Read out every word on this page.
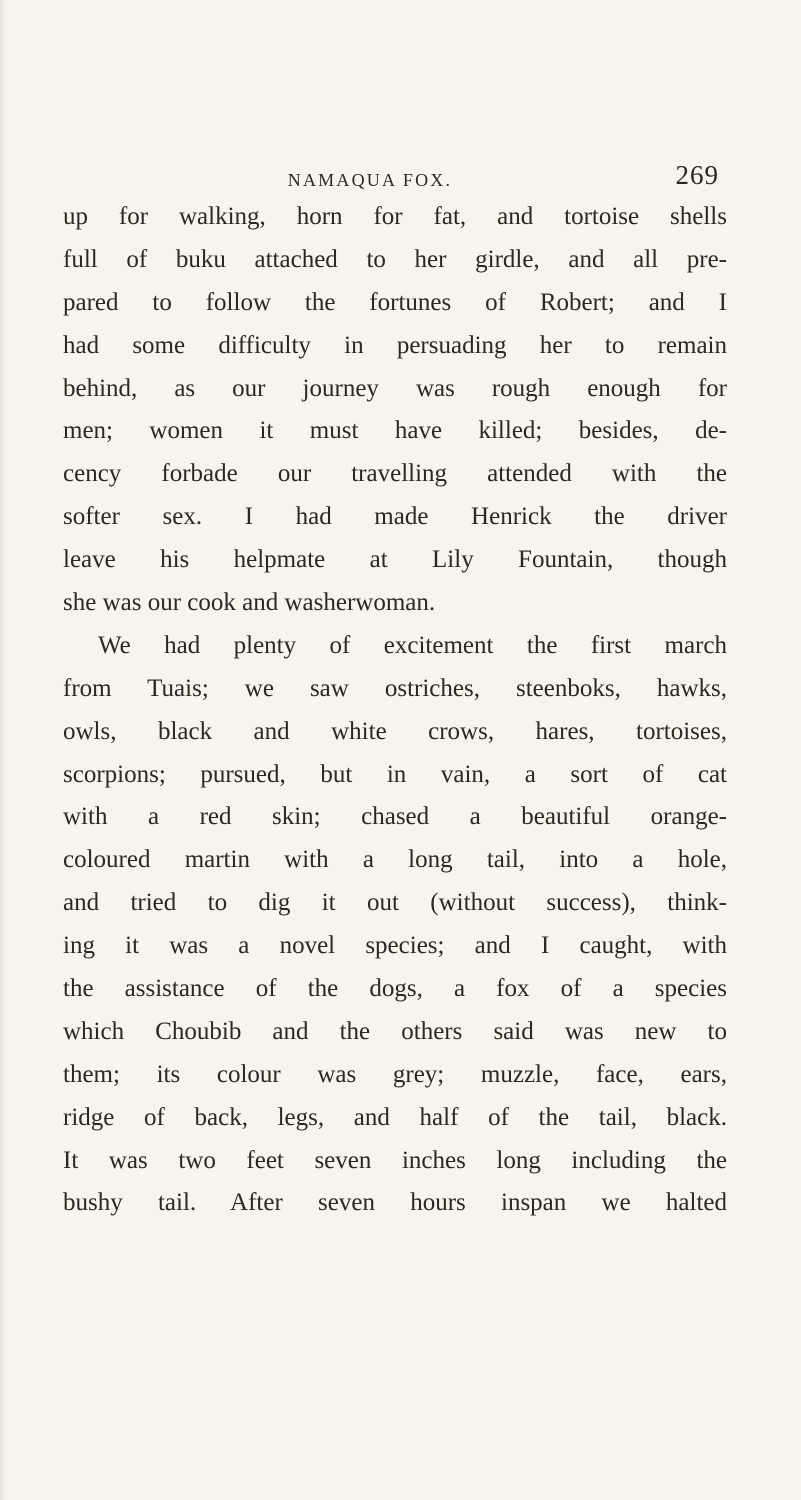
NAMAQUA FOX.	269
up for walking, horn for fat, and tortoise shells
full of buku attached to her girdle, and all pre-
pared to follow the fortunes of Robert; and I
had some difficulty in persuading her to remain
behind, as our journey was rough enough for
men; women it must have killed; besides, de-
cency forbade our travelling attended with the
softer sex. I had made Henrick the driver
leave his helpmate at Lily Fountain, though
she was our cook and washerwoman.
We had plenty of excitement the first march
from Tuais; we saw ostriches, steenboks, hawks,
owls, black and white crows, hares, tortoises,
scorpions; pursued, but in vain, a sort of cat
with a red skin; chased a beautiful orange-
coloured martin with a long tail, into a hole,
and tried to dig it out (without success), think-
ing it was a novel species; and I caught, with
the assistance of the dogs, a fox of a species
which Choubib and the others said was new to
them; its colour was grey; muzzle, face, ears,
ridge of back, legs, and half of the tail, black.
It was two feet seven inches long including the
bushy tail. After seven hours inspan we halted
